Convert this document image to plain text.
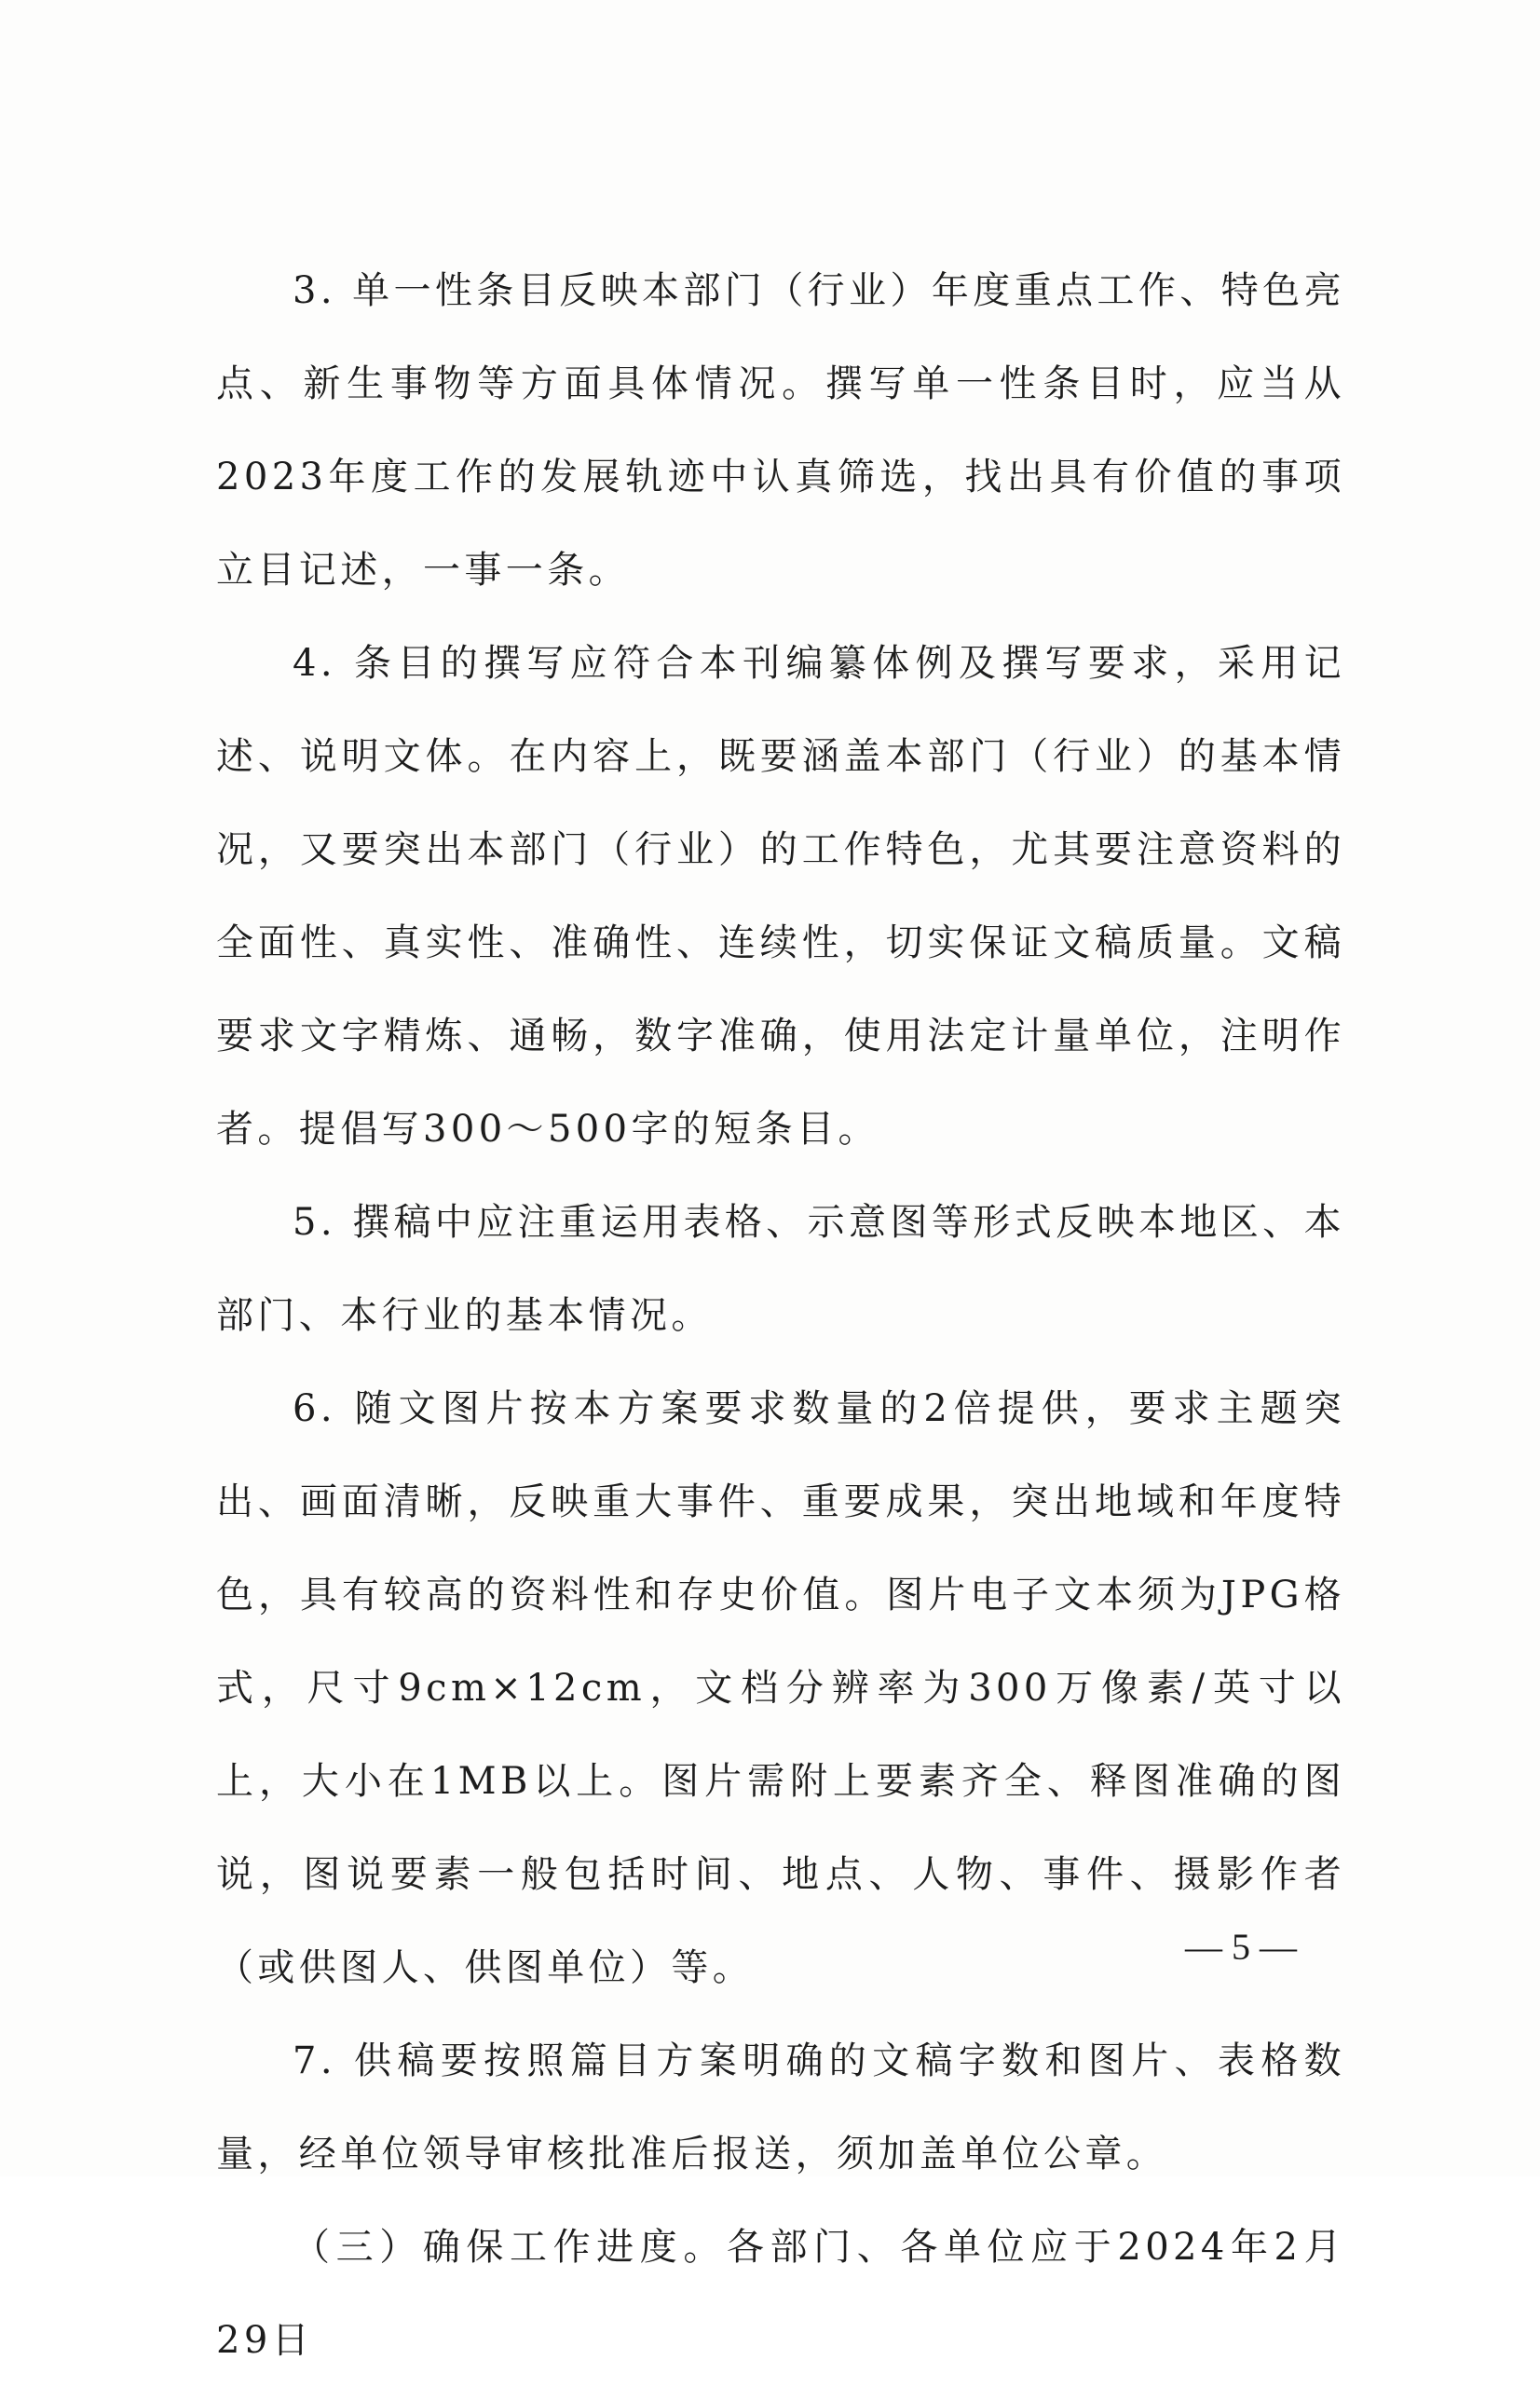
3. 单一性条目反映本部门（行业）年度重点工作、特色亮点、新生事物等方面具体情况。撰写单一性条目时，应当从2023年度工作的发展轨迹中认真筛选，找出具有价值的事项立目记述，一事一条。

4. 条目的撰写应符合本刊编纂体例及撰写要求，采用记述、说明文体。在内容上，既要涵盖本部门（行业）的基本情况，又要突出本部门（行业）的工作特色，尤其要注意资料的全面性、真实性、准确性、连续性，切实保证文稿质量。文稿要求文字精炼、通畅，数字准确，使用法定计量单位，注明作者。提倡写300～500字的短条目。

5. 撰稿中应注重运用表格、示意图等形式反映本地区、本部门、本行业的基本情况。

6. 随文图片按本方案要求数量的2倍提供，要求主题突出、画面清晰，反映重大事件、重要成果，突出地域和年度特色，具有较高的资料性和存史价值。图片电子文本须为JPG格式，尺寸9cm×12cm，文档分辨率为300万像素/英寸以上，大小在1MB以上。图片需附上要素齐全、释图准确的图说，图说要素一般包括时间、地点、人物、事件、摄影作者（或供图人、供图单位）等。

7. 供稿要按照篇目方案明确的文稿字数和图片、表格数量，经单位领导审核批准后报送，须加盖单位公章。

（三）确保工作进度。各部门、各单位应于2024年2月29日

— 5 —
